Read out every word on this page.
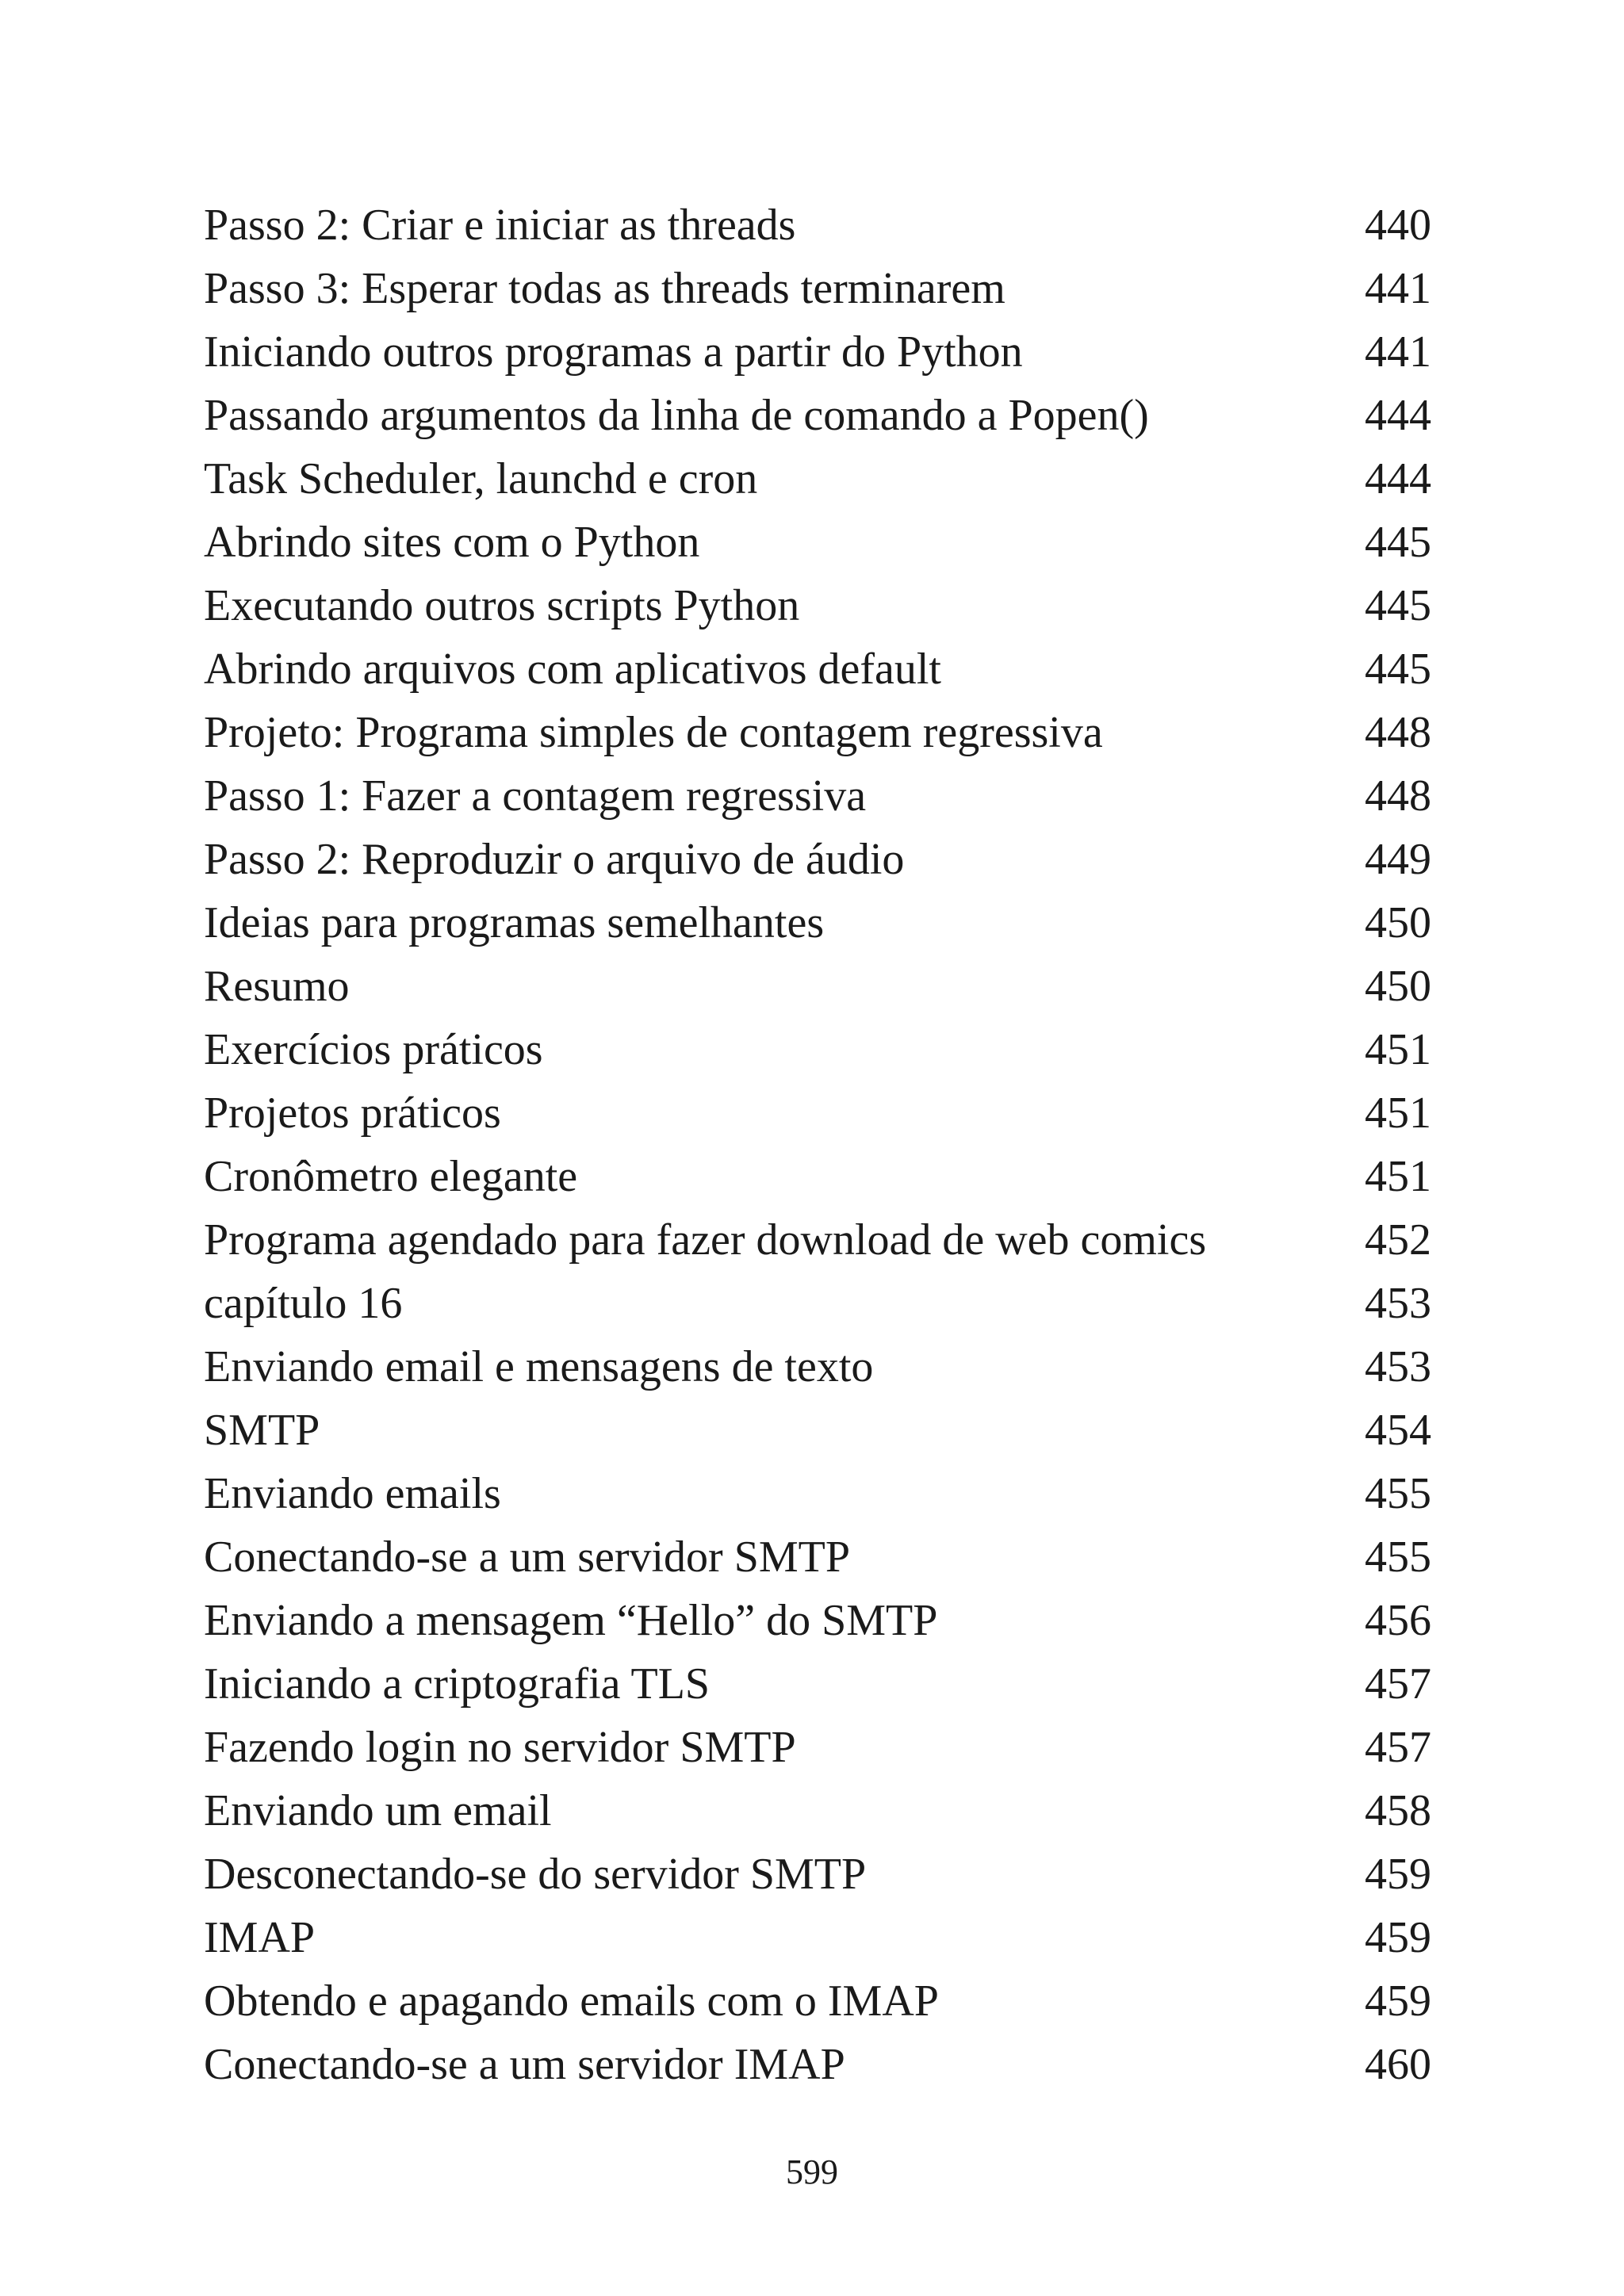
Passo 2: Criar e iniciar as threads	440
Passo 3: Esperar todas as threads terminarem	441
Iniciando outros programas a partir do Python	441
Passando argumentos da linha de comando a Popen()	444
Task Scheduler, launchd e cron	444
Abrindo sites com o Python	445
Executando outros scripts Python	445
Abrindo arquivos com aplicativos default	445
Projeto: Programa simples de contagem regressiva	448
Passo 1: Fazer a contagem regressiva	448
Passo 2: Reproduzir o arquivo de áudio	449
Ideias para programas semelhantes	450
Resumo	450
Exercícios práticos	451
Projetos práticos	451
Cronômetro elegante	451
Programa agendado para fazer download de web comics	452
capítulo 16	453
Enviando email e mensagens de texto	453
SMTP	454
Enviando emails	455
Conectando-se a um servidor SMTP	455
Enviando a mensagem “Hello” do SMTP	456
Iniciando a criptografia TLS	457
Fazendo login no servidor SMTP	457
Enviando um email	458
Desconectando-se do servidor SMTP	459
IMAP	459
Obtendo e apagando emails com o IMAP	459
Conectando-se a um servidor IMAP	460
599
